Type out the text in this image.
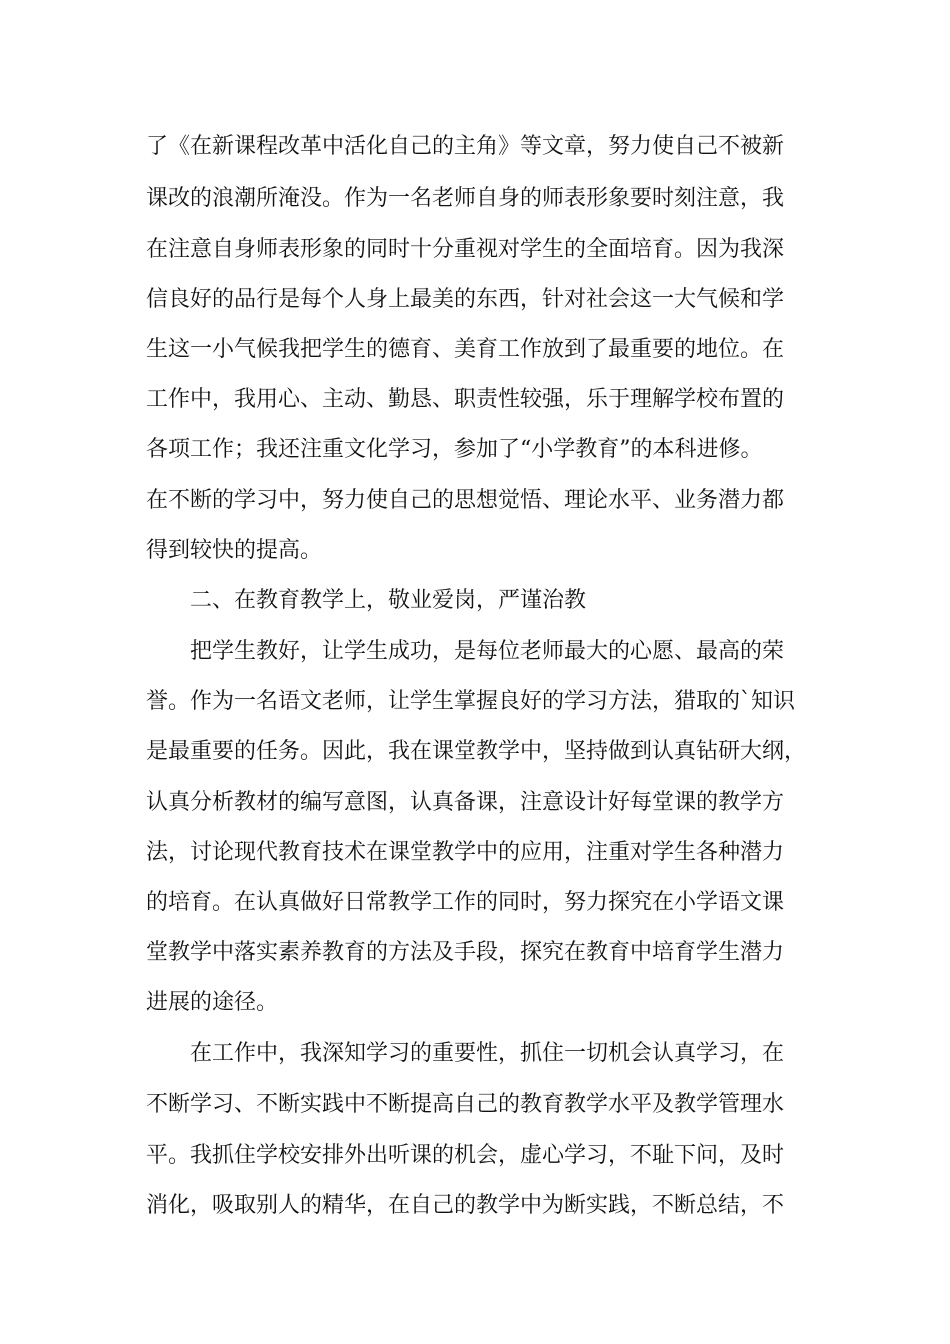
了《在新课程改革中活化自己的主角》等文章，努力使自己不被新
课改的浪潮所淹没。作为一名老师自身的师表形象要时刻注意，我
在注意自身师表形象的同时十分重视对学生的全面培育。因为我深
信良好的品行是每个人身上最美的东西，针对社会这一大气候和学
生这一小气候我把学生的德育、美育工作放到了最重要的地位。在
工作中，我用心、主动、勤恳、职责性较强，乐于理解学校布置的
各项工作；我还注重文化学习，参加了“小学教育”的本科进修。
在不断的学习中，努力使自己的思想觉悟、理论水平、业务潜力都
得到较快的提高。
二、在教育教学上，敬业爱岗，严谨治教
把学生教好，让学生成功，是每位老师最大的心愿、最高的荣
誉。作为一名语文老师，让学生掌握良好的学习方法，猎取的`知识
是最重要的任务。因此，我在课堂教学中，坚持做到认真钻研大纲，
认真分析教材的编写意图，认真备课，注意设计好每堂课的教学方
法，讨论现代教育技术在课堂教学中的应用，注重对学生各种潜力
的培育。在认真做好日常教学工作的同时，努力探究在小学语文课
堂教学中落实素养教育的方法及手段，探究在教育中培育学生潜力
进展的途径。
在工作中，我深知学习的重要性，抓住一切机会认真学习，在
不断学习、不断实践中不断提高自己的教育教学水平及教学管理水
平。我抓住学校安排外出听课的机会，虚心学习，不耻下问，及时
消化，吸取别人的精华，在自己的教学中为断实践，不断总结，不
